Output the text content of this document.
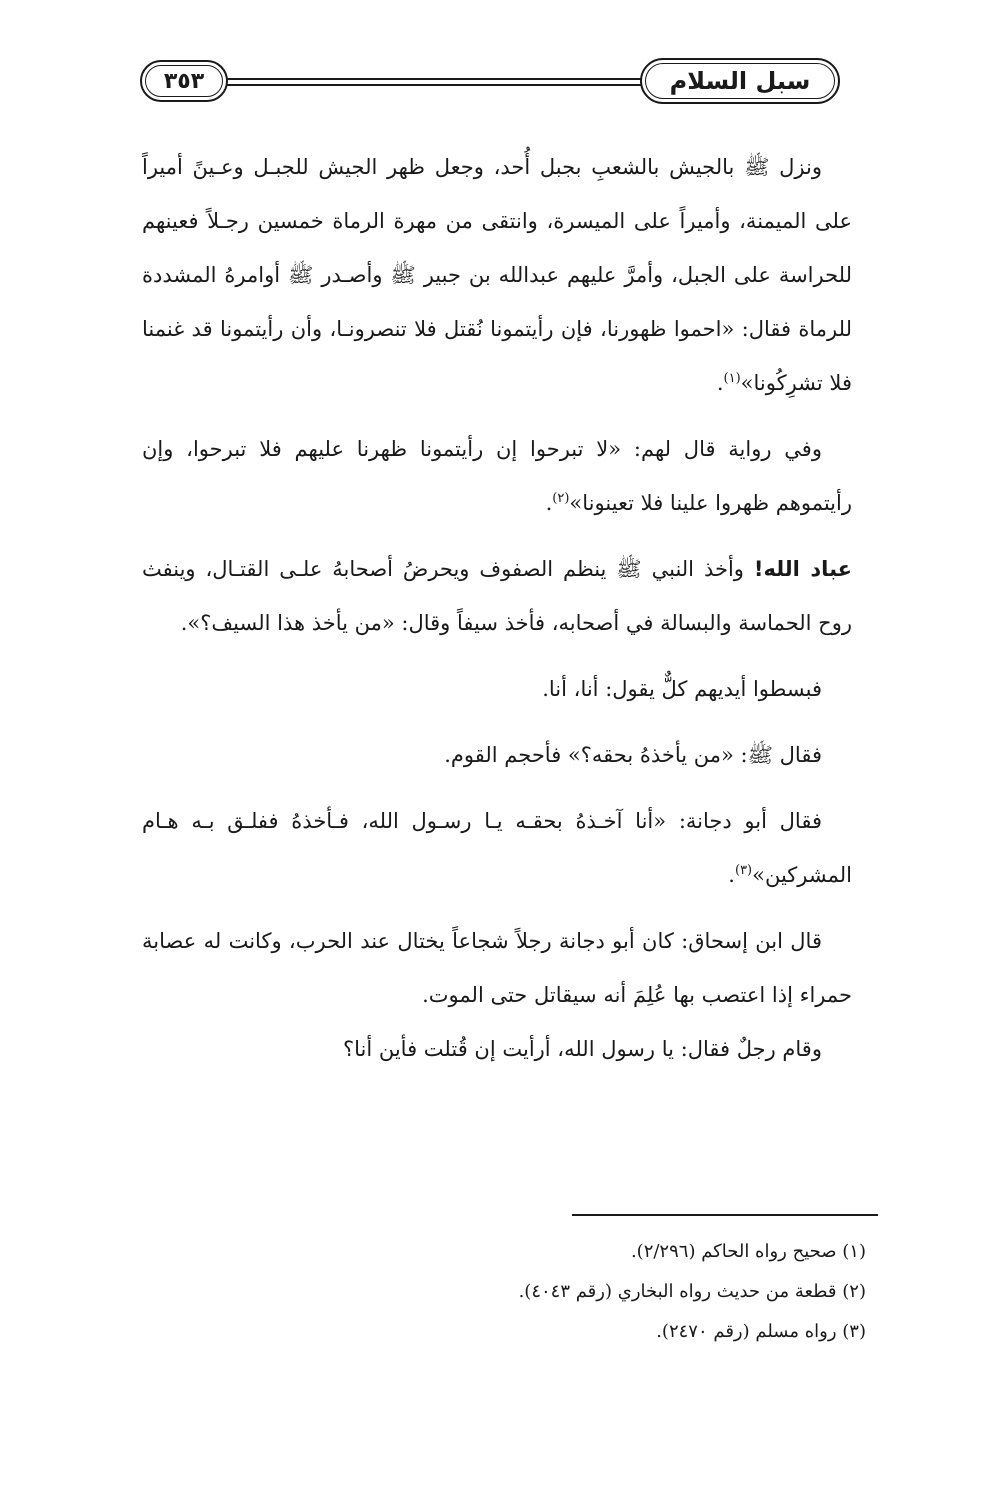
سبل السلام
٣٥٣

ونزل ﷺ بالجيش بالشعبِ بجبل أُحد، وجعل ظهر الجيش للجبـل وعـينً أميراً على الميمنة، وأميراً على الميسرة، وانتقى من مهرة الرماة خمسين رجـلاً فعينهم للحراسة على الجبل، وأمرَّ عليهم عبدالله بن جبير ﷺ وأصـدر ﷺ أوامرهُ المشددة للرماة فقال: «احموا ظهورنا، فإن رأيتمونا نُقتل فلا تنصرونـا، وأن رأيتمونا قد غنمنا فلا تشرِكُونا»$^{(١)}$.

وفي رواية قال لهم: «لا تبرحوا إن رأيتمونا ظهرنا عليهم فلا تبرحوا، وإن رأيتموهم ظهروا علينا فلا تعينونا»$^{(٢)}$.

عباد الله! وأخذ النبي ﷺ ينظم الصفوف ويحرضُ أصحابهُ علـى القتـال، وينفث روح الحماسة والبسالة في أصحابه، فأخذ سيفاً وقال: «من يأخذ هذا السيف؟».

فبسطوا أيديهم كلٌّ يقول: أنا، أنا.

فقال ﷺ: «من يأخذهُ بحقه؟» فأحجم القوم.

فقال أبو دجانة: «أنا آخـذهُ بحقـه يـا رسـول الله، فـأخذهُ ففلـق بـه هـام المشركين»$^{(٣)}$.

قال ابن إسحاق: كان أبو دجانة رجلاً شجاعاً يختال عند الحرب، وكانت له عصابة حمراء إذا اعتصب بها عُلِمَ أنه سيقاتل حتى الموت.

وقام رجلٌ فقال: يا رسول الله، أرأيت إن قُتلت فأين أنا؟

(١) صحيح رواه الحاكم (٢/٢٩٦).

(٢) قطعة من حديث رواه البخاري (رقم ٤٠٤٣).

(٣) رواه مسلم (رقم ٢٤٧٠).
